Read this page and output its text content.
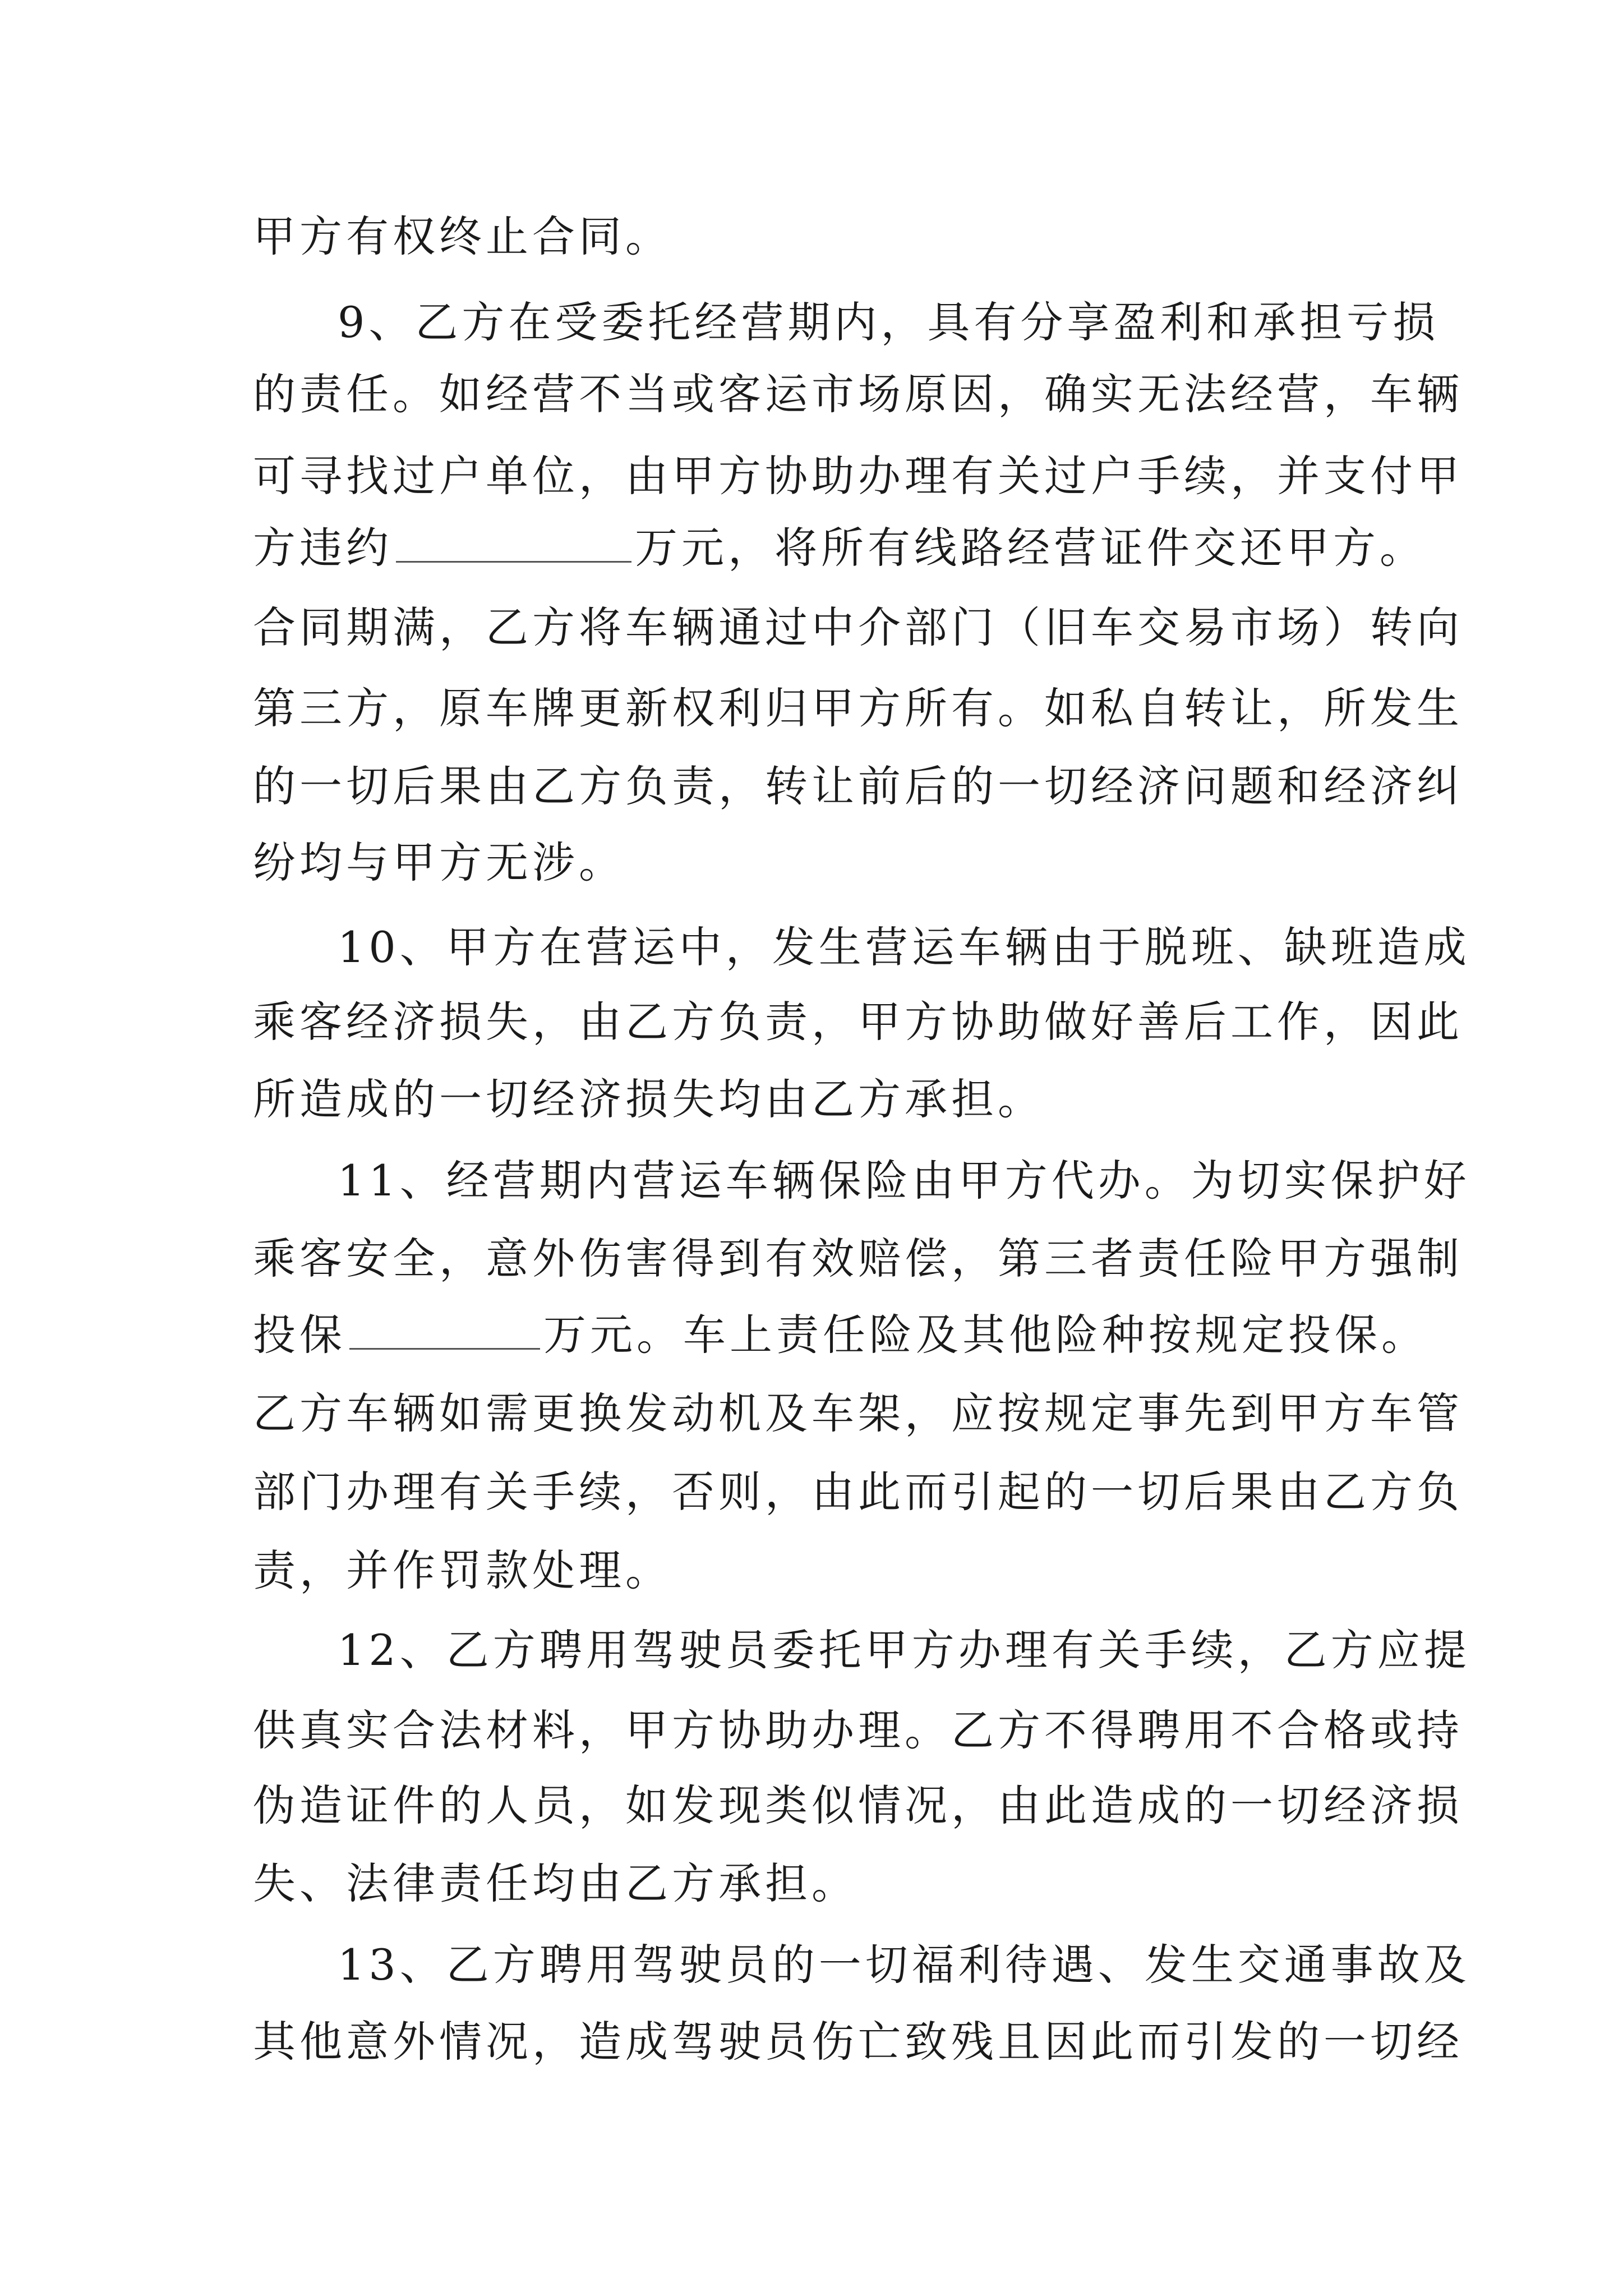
甲方有权终止合同。
9、乙方在受委托经营期内，具有分享盈利和承担亏损
的责任。如经营不当或客运市场原因，确实无法经营，车辆
可寻找过户单位，由甲方协助办理有关过户手续，并支付甲
方违约	万元，将所有线路经营证件交还甲方。
合同期满，乙方将车辆通过中介部门（旧车交易市场）转向
第三方，原车牌更新权利归甲方所有。如私自转让，所发生
的一切后果由乙方负责，转让前后的一切经济问题和经济纠
纷均与甲方无涉。
10、甲方在营运中，发生营运车辆由于脱班、缺班造成
乘客经济损失，由乙方负责，甲方协助做好善后工作，因此
所造成的一切经济损失均由乙方承担。
11、经营期内营运车辆保险由甲方代办。为切实保护好
乘客安全，意外伤害得到有效赔偿，第三者责任险甲方强制
投保	万元。车上责任险及其他险种按规定投保。
乙方车辆如需更换发动机及车架，应按规定事先到甲方车管
部门办理有关手续，否则，由此而引起的一切后果由乙方负
责，并作罚款处理。
12、乙方聘用驾驶员委托甲方办理有关手续，乙方应提
供真实合法材料，甲方协助办理。乙方不得聘用不合格或持
伪造证件的人员，如发现类似情况，由此造成的一切经济损
失、法律责任均由乙方承担。
13、乙方聘用驾驶员的一切福利待遇、发生交通事故及
其他意外情况，造成驾驶员伤亡致残且因此而引发的一切经
